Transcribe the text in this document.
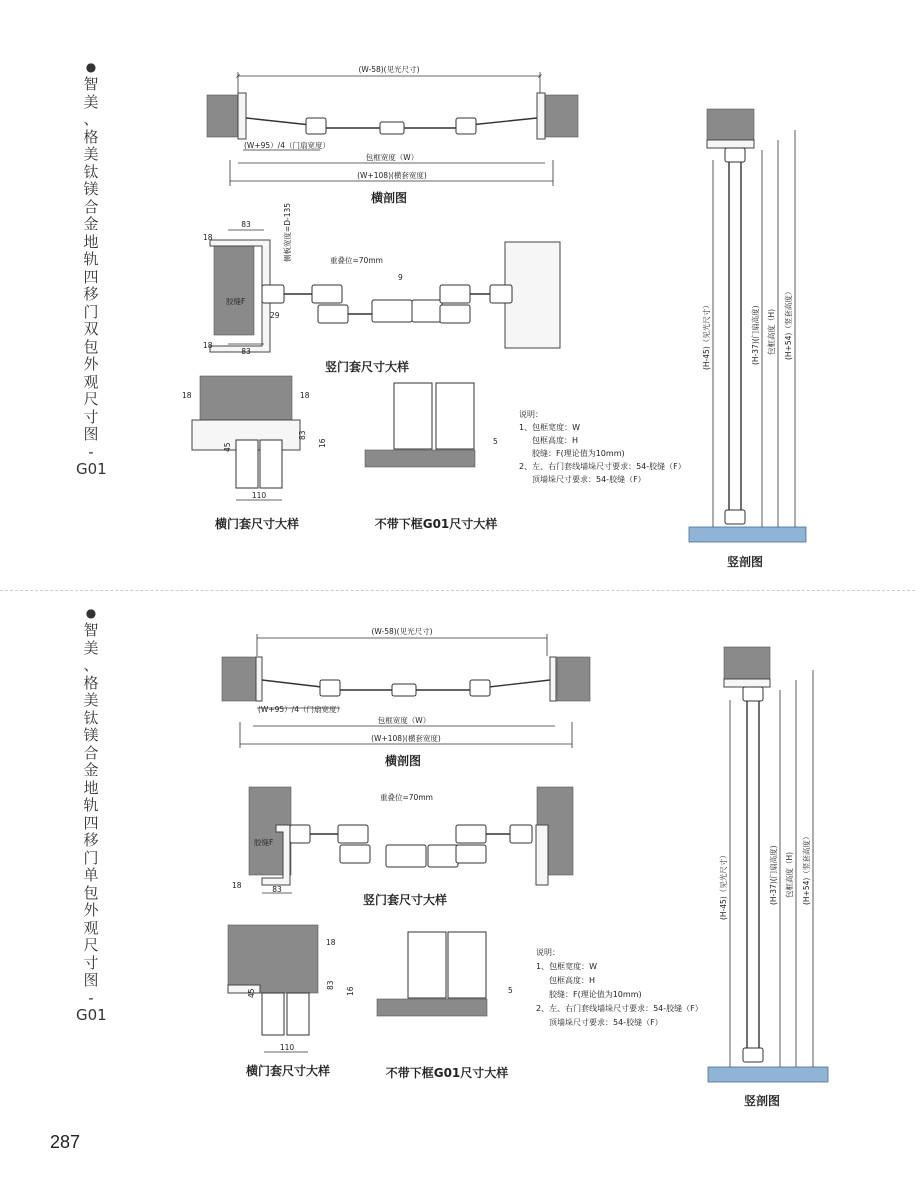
●
智
美
、
格
美
钛
镁
合
金
地
轨
四
移
门
双
包
外
观
尺
寸
图
-
G01
●
智
美
、
格
美
钛
镁
合
金
地
轨
四
移
门
单
包
外
观
尺
寸
图
-
G01
(W-58)(见光尺寸)
(W+95）/4（门扇宽度）
包框宽度（W）
(W+108)(横套宽度)
横剖图
83
18	侧板宽度=D-135	重叠位=70mm
9
胶缝F
29
18
83
竖门套尺寸大样
18	18
83
16
45
110
横门套尺寸大样
5
不带下框G01尺寸大样
说明：
1、包框宽度：W
包框高度：H
胶缝：F(理论值为10mm)
2、左、右门套线墙垛尺寸要求：54-胶缝（F）
顶墙垛尺寸要求：54-胶缝（F）
(H-45)（见光尺寸）	(H-37)(门扇高度) 包框高度（H) (H+54)（竖套高度）
竖剖图
(W-58)(见光尺寸)
(W+95）/4（门扇宽度）
包框宽度（W）
(W+108)(横套宽度)
横剖图
重叠位=70mm
胶缝F
18	83
竖门套尺寸大样
18
83
16
45
110
横门套尺寸大样
5
不带下框G01尺寸大样
说明：
1、包框宽度：W
包框高度：H
胶缝：F(理论值为10mm)
2、左、右门套线墙垛尺寸要求：54-胶缝（F）
顶墙垛尺寸要求：54-胶缝（F）
(H-45)（见光尺寸）	(H-37)(门扇高度) 包框高度（H) (H+54)（竖套高度）
竖剖图
287
